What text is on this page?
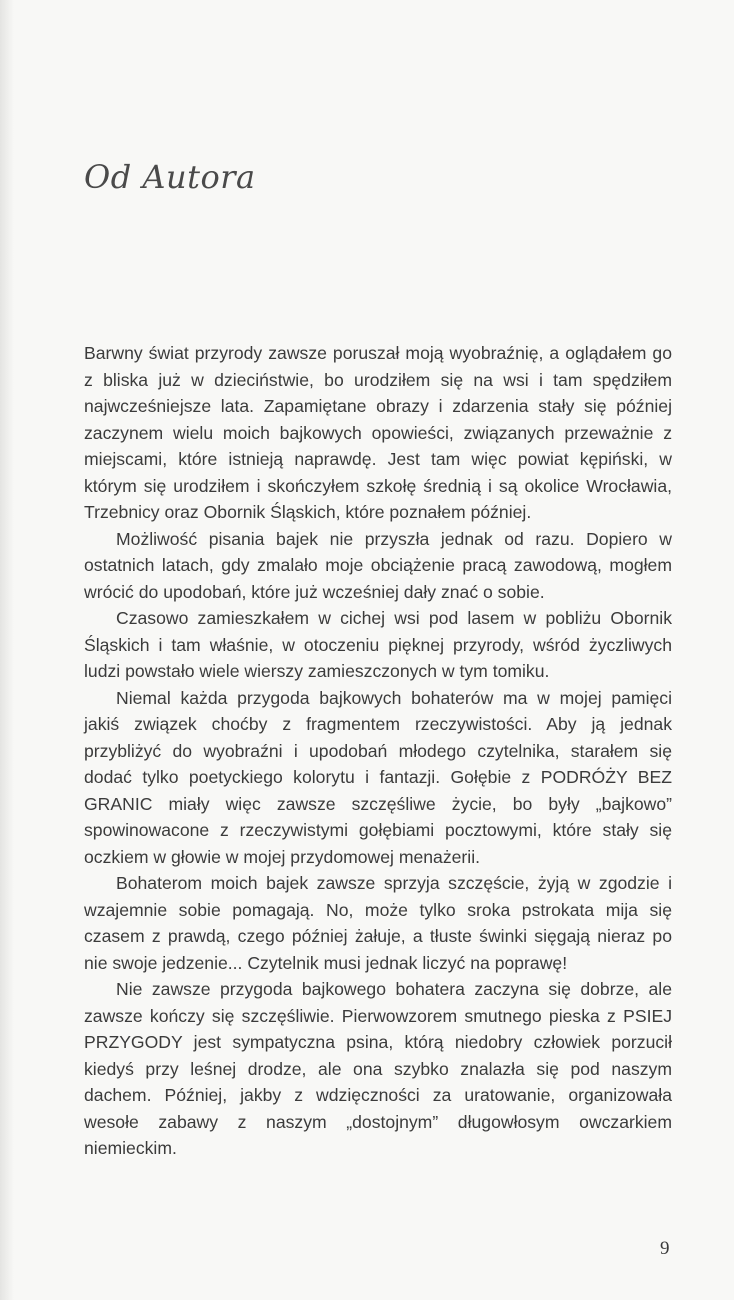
Od Autora

Barwny świat przyrody zawsze poruszał moją wyobraźnię, a oglądałem go z bliska już w dzieciństwie, bo urodziłem się na wsi i tam spędziłem najwcześniejsze lata. Zapamiętane obrazy i zdarzenia stały się później zaczynem wielu moich bajkowych opowieści, związanych przeważnie z miejscami, które istnieją naprawdę. Jest tam więc powiat kępiński, w którym się urodziłem i skończyłem szkołę średnią i są okolice Wrocławia, Trzebnicy oraz Obornik Śląskich, które poznałem później.

Możliwość pisania bajek nie przyszła jednak od razu. Dopiero w ostatnich latach, gdy zmalało moje obciążenie pracą zawodową, mogłem wrócić do upodobań, które już wcześniej dały znać o sobie.

Czasowo zamieszkałem w cichej wsi pod lasem w pobliżu Obornik Śląskich i tam właśnie, w otoczeniu pięknej przyrody, wśród życzliwych ludzi powstało wiele wierszy zamieszczonych w tym tomiku.

Niemal każda przygoda bajkowych bohaterów ma w mojej pamięci jakiś związek choćby z fragmentem rzeczywistości. Aby ją jednak przybliżyć do wyobraźni i upodobań młodego czytelnika, starałem się dodać tylko poetyckiego kolorytu i fantazji. Gołębie z PODRÓŻY BEZ GRANIC miały więc zawsze szczęśliwe życie, bo były „bajkowo” spowinowacone z rzeczywistymi gołębiami pocztowymi, które stały się oczkiem w głowie w mojej przydomowej menażerii.

Bohaterom moich bajek zawsze sprzyja szczęście, żyją w zgodzie i wzajemnie sobie pomagają. No, może tylko sroka pstrokata mija się czasem z prawdą, czego później żałuje, a tłuste świnki sięgają nieraz po nie swoje jedzenie... Czytelnik musi jednak liczyć na poprawę!

Nie zawsze przygoda bajkowego bohatera zaczyna się dobrze, ale zawsze kończy się szczęśliwie. Pierwowzorem smutnego pieska z PSIEJ PRZYGODY jest sympatyczna psina, którą niedobry człowiek porzucił kiedyś przy leśnej drodze, ale ona szybko znalazła się pod naszym dachem. Później, jakby z wdzięczności za uratowanie, organizowała wesołe zabawy z naszym „dostojnym” długowłosym owczarkiem niemieckim.

9
